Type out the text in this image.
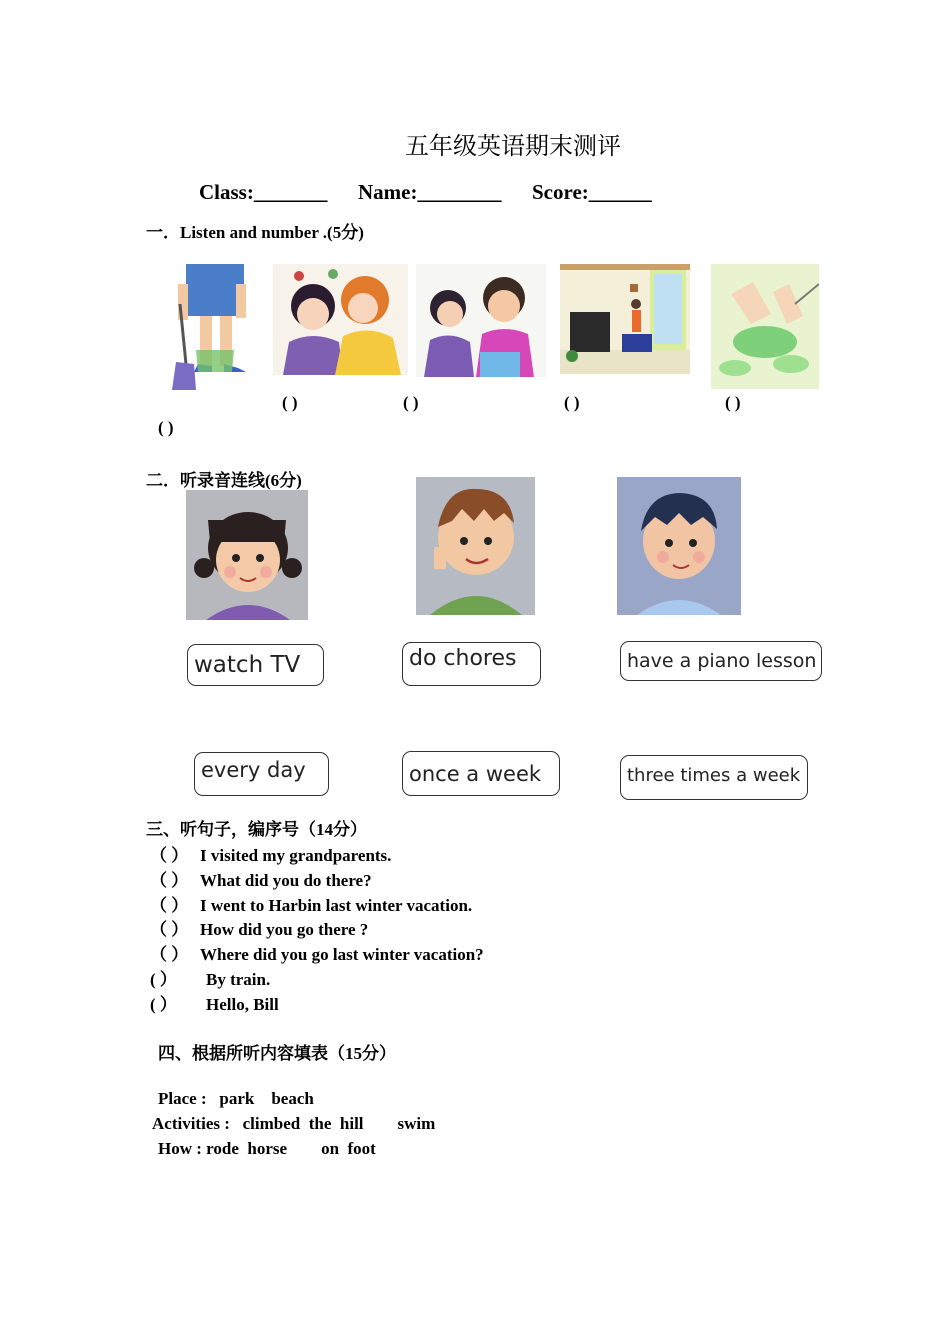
五年级英语期末测评
Class:_______ Name:________ Score:______
一．Listen and number .(5分)
( )	( )	( )	( )
( )
二．听录音连线(6分)
watch TV	do chores	have a piano lesson
every day	once a week	three times a week
三、听句子，编序号（14分）
（ ） I visited my grandparents.
（ ） What did you do there?
（ ） I went to Harbin last winter vacation.
（ ） How did you go there ?
（ ） Where did you go last winter vacation?
( ） By train.
( ） Hello, Bill
四、根据所听内容填表（15分）
Place : park    beach
Activities : climbed  the  hill        swim
How : rode  horse        on  foot
